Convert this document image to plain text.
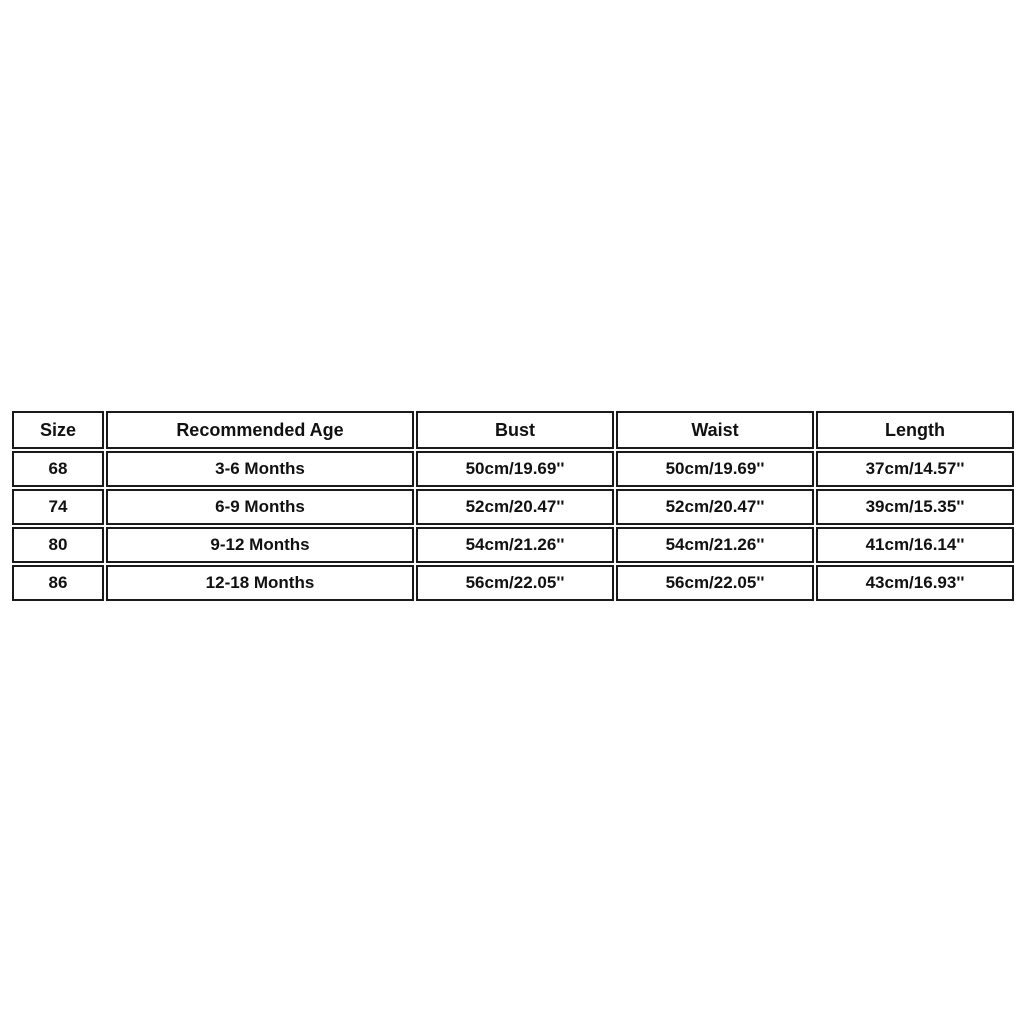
Size	Recommended Age	Bust	Waist	Length
68	3-6 Months	50cm/19.69''	50cm/19.69''	37cm/14.57''
74	6-9 Months	52cm/20.47''	52cm/20.47''	39cm/15.35''
80	9-12 Months	54cm/21.26''	54cm/21.26''	41cm/16.14''
86	12-18 Months	56cm/22.05''	56cm/22.05''	43cm/16.93''
